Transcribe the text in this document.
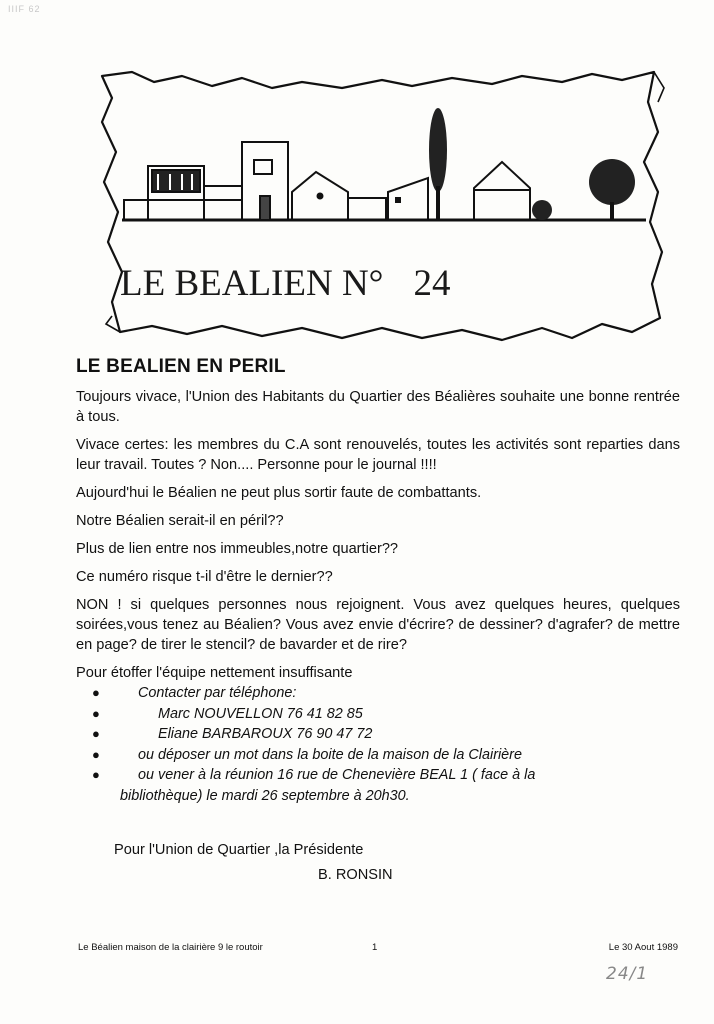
IIIF 62
LE BEALIEN N° 24
LE BEALIEN EN PERIL

Toujours vivace, l'Union des Habitants du Quartier des Béalières souhaite une bonne rentrée à tous.

Vivace certes: les membres du C.A sont renouvelés, toutes les activités sont reparties dans leur travail. Toutes ? Non.... Personne pour le journal !!!!

Aujourd'hui le Béalien ne peut plus sortir faute de combattants.

Notre Béalien serait-il en péril??

Plus de lien entre nos immeubles,notre quartier??

Ce numéro risque t-il d'être le dernier??

NON ! si quelques personnes nous rejoignent. Vous avez quelques heures, quelques soirées,vous tenez au Béalien? Vous avez envie d'écrire? de dessiner? d'agrafer? de mettre en page? de tirer le stencil? de bavarder et de rire?

Pour étoffer l'équipe nettement insuffisante

●	Contacter par téléphone:
●	Marc NOUVELLON 76 41 82 85
●	Eliane BARBAROUX 76 90 47 72
●	ou déposer un mot dans la boite de la maison de la Clairière
●	ou vener à la réunion 16 rue de Chenevière BEAL 1 ( face à la
bibliothèque) le mardi 26 septembre à 20h30.
Pour l'Union de Quartier ,la Présidente
B. RONSIN
Le Béalien maison de la clairière 9 le routoir	1	Le 30 Aout 1989
24/1
